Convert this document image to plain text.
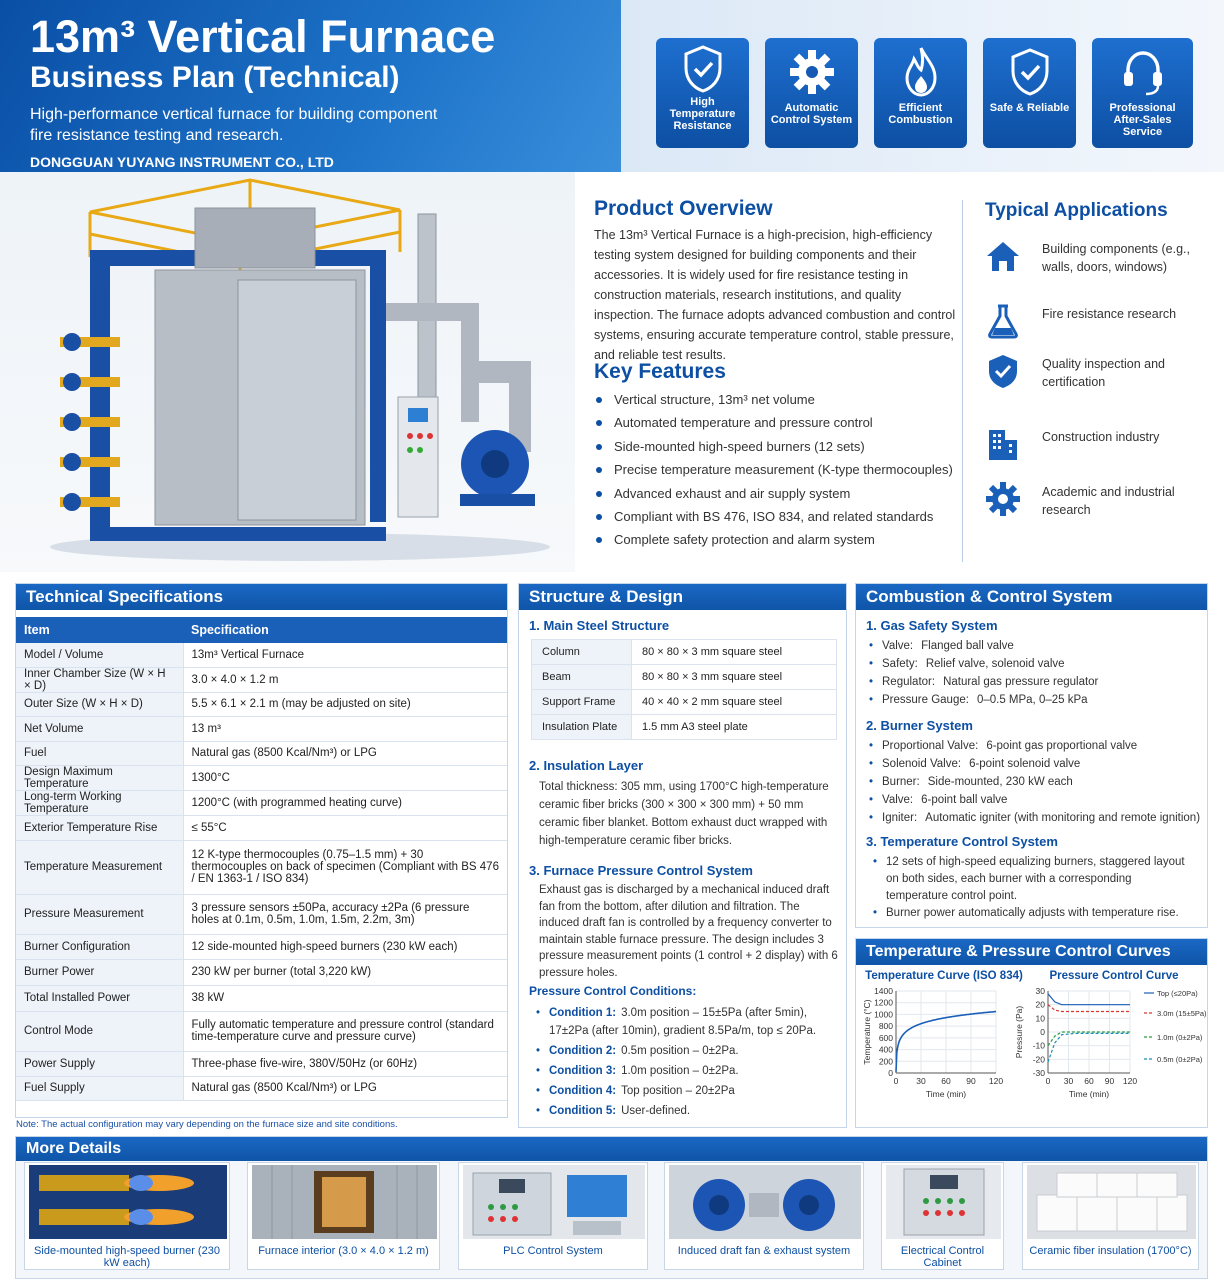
13m³ Vertical Furnace
Business Plan (Technical)
High-performance vertical furnace for building component fire resistance testing and research.
DONGGUAN YUYANG INSTRUMENT CO., LTD
High Temperature Resistance
Automatic Control System
Efficient Combustion
Safe & Reliable	Professional After-Sales Service
Product Overview
The 13m³ Vertical Furnace is a high-precision, high-efficiency testing system designed for building components and their accessories. It is widely used for fire resistance testing in construction materials, research institutions, and quality inspection. The furnace adopts advanced combustion and control systems, ensuring accurate temperature control, stable pressure, and reliable test results.
Key Features
Vertical structure, 13m³ net volume
Automated temperature and pressure control
Side-mounted high-speed burners (12 sets)
Precise temperature measurement (K-type thermocouples)
Advanced exhaust and air supply system
Compliant with BS 476, ISO 834, and related standards
Complete safety protection and alarm system
Typical Applications
Building components (e.g., walls, doors, windows)
Fire resistance research
Quality inspection and certification
Construction industry
Academic and industrial research
Technical Specifications
Item	Specification
Model / Volume	13m³ Vertical Furnace
Inner Chamber Size (W × H × D)	3.0 × 4.0 × 1.2 m
Outer Size (W × H × D)	5.5 × 6.1 × 2.1 m (may be adjusted on site)
Net Volume	13 m³
Fuel	Natural gas (8500 Kcal/Nm³) or LPG
Design Maximum Temperature	1300°C
Long-term Working Temperature	1200°C (with programmed heating curve)
Exterior Temperature Rise	≤ 55°C
Temperature Measurement	12 K-type thermocouples (0.75–1.5 mm) + 30 thermocouples on back of specimen (Compliant with BS 476 / EN 1363-1 / ISO 834)
Pressure Measurement	3 pressure sensors ±50Pa, accuracy ±2Pa (6 pressure holes at 0.1m, 0.5m, 1.0m, 1.5m, 2.2m, 3m)
Burner Configuration	12 side-mounted high-speed burners (230 kW each)
Burner Power	230 kW per burner (total 3,220 kW)
Total Installed Power	38 kW
Control Mode	Fully automatic temperature and pressure control (standard time-temperature curve and pressure curve)
Power Supply	Three-phase five-wire, 380V/50Hz (or 60Hz)
Fuel Supply	Natural gas (8500 Kcal/Nm³) or LPG
Note: The actual configuration may vary depending on the furnace size and site conditions.
Structure & Design
1. Main Steel Structure
Column	80 × 80 × 3 mm square steel
Beam	80 × 80 × 3 mm square steel
Support Frame	40 × 40 × 2 mm square steel
Insulation Plate	1.5 mm A3 steel plate
2. Insulation Layer
Total thickness: 305 mm, using 1700°C high-temperature ceramic fiber bricks (300 × 300 × 300 mm) + 50 mm ceramic fiber blanket. Bottom exhaust duct wrapped with high-temperature ceramic fiber bricks.
3. Furnace Pressure Control System
Exhaust gas is discharged by a mechanical induced draft fan from the bottom, after dilution and filtration. The induced draft fan is controlled by a frequency converter to maintain stable furnace pressure. The design includes 3 pressure measurement points (1 control + 2 display) with 6 pressure holes.
Pressure Control Conditions:
• Condition 1: 3.0m position – 15±5Pa (after 5min), 17±2Pa (after 10min), gradient 8.5Pa/m, top ≤ 20Pa.
• Condition 2: 0.5m position – 0±2Pa.
• Condition 3: 1.0m position – 0±2Pa.
• Condition 4: Top position – 20±2Pa
• Condition 5: User-defined.
Combustion & Control System
1. Gas Safety System
• Valve: Flanged ball valve
• Safety: Relief valve, solenoid valve
• Regulator: Natural gas pressure regulator
• Pressure Gauge: 0–0.5 MPa, 0–25 kPa
2. Burner System
• Proportional Valve: 6-point gas proportional valve
• Solenoid Valve: 6-point solenoid valve
• Burner: Side-mounted, 230 kW each
• Valve: 6-point ball valve
• Igniter: Automatic igniter (with monitoring and remote ignition)
3. Temperature Control System
• 12 sets of high-speed equalizing burners, staggered layout on both sides, each burner with a corresponding temperature control point.
• Burner power automatically adjusts with temperature rise.
Temperature & Pressure Control Curves
Temperature Curve (ISO 834)	Pressure Control Curve
0
200
400
600
800
1000
1200
1400
0 30 60 90 120
Time (min)
Temperature (°C)
-30
-20
-10
0
10
20
30
0 30 60 90 120
Time (min)
Pressure (Pa)
Top (≤20Pa)
3.0m (15±5Pa)
1.0m (0±2Pa)
0.5m (0±2Pa)
More Details
Side-mounted high-speed burner (230 kW each)
Furnace interior (3.0 × 4.0 × 1.2 m)	PLC Control System	Induced draft fan & exhaust system	Electrical Control Cabinet
Ceramic fiber insulation (1700°C)
